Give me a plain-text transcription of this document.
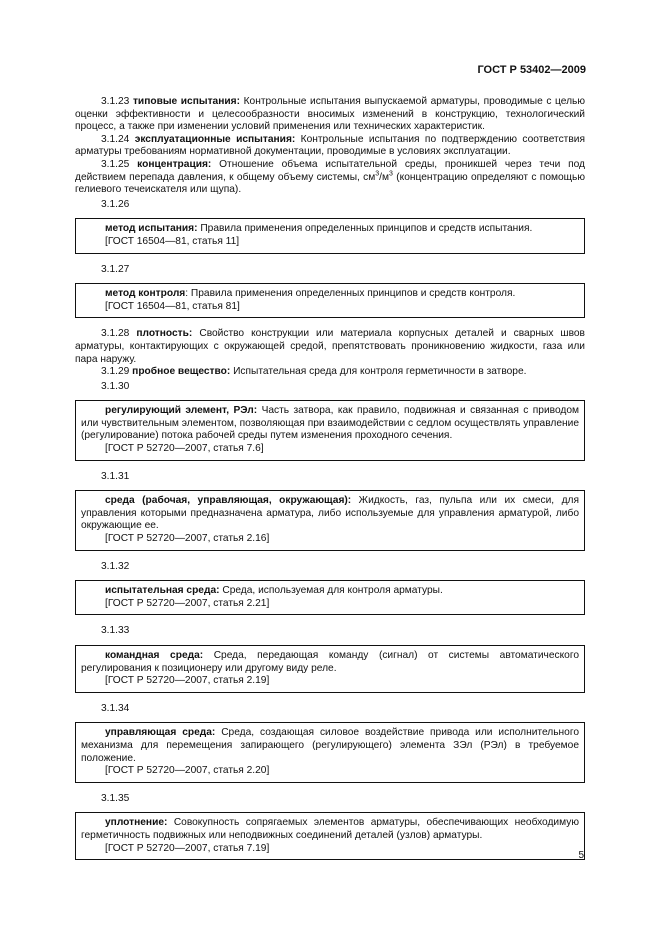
ГОСТ Р 53402—2009

3.1.23 типовые испытания: Контрольные испытания выпускаемой арматуры, проводимые с целью оценки эффективности и целесообразности вносимых изменений в конструкцию, технологический процесс, а также при изменении условий применения или технических характеристик.

3.1.24 эксплуатационные испытания: Контрольные испытания по подтверждению соответствия арматуры требованиям нормативной документации, проводимые в условиях эксплуатации.

3.1.25 концентрация: Отношение объема испытательной среды, проникшей через течи под действием перепада давления, к общему объему системы, $см^3/м^3$ (концентрацию определяют с помощью гелиевого течеискателя или щупа).

3.1.26

метод испытания: Правила применения определенных принципов и средств испытания.

[ГОСТ 16504—81, статья 11]
3.1.27

метод контроля: Правила применения определенных принципов и средств контроля.

[ГОСТ 16504—81, статья 81]

3.1.28 плотность: Свойство конструкции или материала корпусных деталей и сварных швов арматуры, контактирующих с окружающей средой, препятствовать проникновению жидкости, газа или пара наружу.

3.1.29 пробное вещество: Испытательная среда для контроля герметичности в затворе.

3.1.30

регулирующий элемент, РЭл: Часть затвора, как правило, подвижная и связанная с приводом или чувствительным элементом, позволяющая при взаимодействии с седлом осуществлять управление (регулирование) потока рабочей среды путем изменения проходного сечения.

[ГОСТ Р 52720—2007, статья 7.6]
3.1.31

среда (рабочая, управляющая, окружающая): Жидкость, газ, пульпа или их смеси, для управления которыми предназначена арматура, либо используемые для управления арматурой, либо окружающие ее.

[ГОСТ Р 52720—2007, статья 2.16]
3.1.32

испытательная среда: Среда, используемая для контроля арматуры.

[ГОСТ Р 52720—2007, статья 2.21]
3.1.33

командная среда: Среда, передающая команду (сигнал) от системы автоматического регулирования к позиционеру или другому виду реле.

[ГОСТ Р 52720—2007, статья 2.19]
3.1.34

управляющая среда: Среда, создающая силовое воздействие привода или исполнительного механизма для перемещения запирающего (регулирующего) элемента ЗЭл (РЭл) в требуемое положение.

[ГОСТ Р 52720—2007, статья 2.20]
3.1.35

уплотнение: Совокупность сопрягаемых элементов арматуры, обеспечивающих необходимую герметичность подвижных или неподвижных соединений деталей (узлов) арматуры.

[ГОСТ Р 52720—2007, статья 7.19]
5
